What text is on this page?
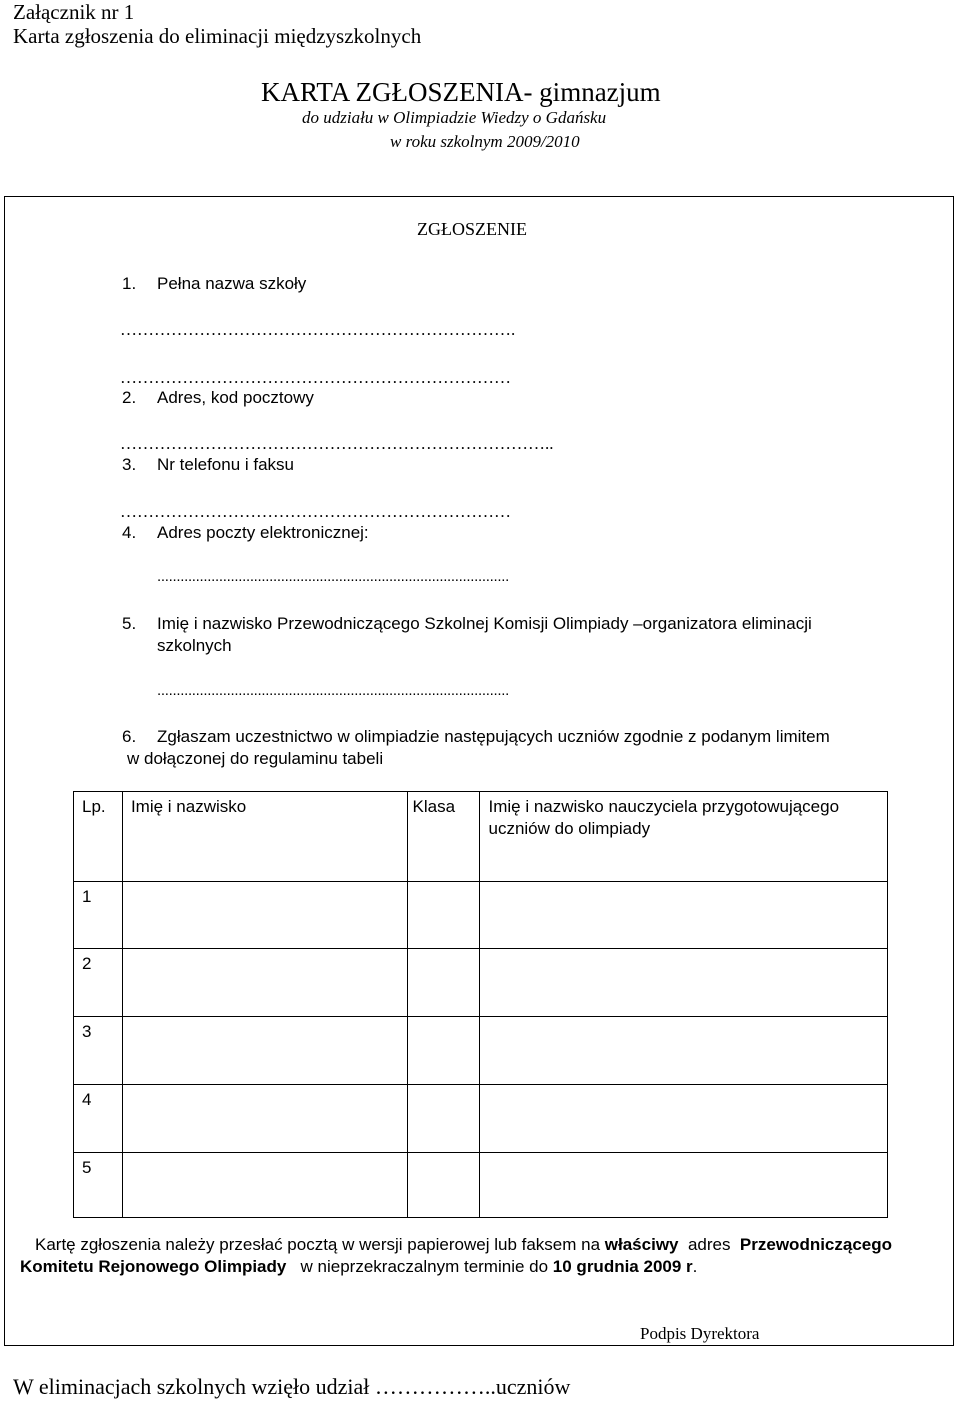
Załącznik nr 1
Karta zgłoszenia do eliminacji międzyszkolnych
KARTA ZGŁOSZENIA- gimnazjum
do udziału w Olimpiadzie Wiedzy o Gdańsku
w roku szkolnym 2009/2010
ZGŁOSZENIE
1. Pełna nazwa szkoły
…………………………………………………………….
……………………………………………………………
2. Adres, kod pocztowy
…………………………………………………………………..
3. Nr telefonu i faksu
……………………………………………………………
4. Adres poczty elektronicznej:
...........................................................................................
5. Imię i nazwisko Przewodniczącego Szkolnej Komisji Olimpiady –organizatora eliminacji
szkolnych
...........................................................................................
6. Zgłaszam uczestnictwo w olimpiadzie następujących uczniów zgodnie z podanym limitem
w dołączonej do regulaminu tabeli
Lp.	Imię i nazwisko	Klasa	Imię i nazwisko nauczyciela przygotowującego
uczniów do olimpiady

1			

2			

3			

4			

5			

Kartę zgłoszenia należy przesłać pocztą w wersji papierowej lub faksem na właściwy  adres  Przewodniczącego
Komitetu Rejonowego Olimpiady   w nieprzekraczalnym terminie do 10 grudnia 2009 r.
Podpis Dyrektora
W eliminacjach szkolnych wzięło udział ……………..uczniów
